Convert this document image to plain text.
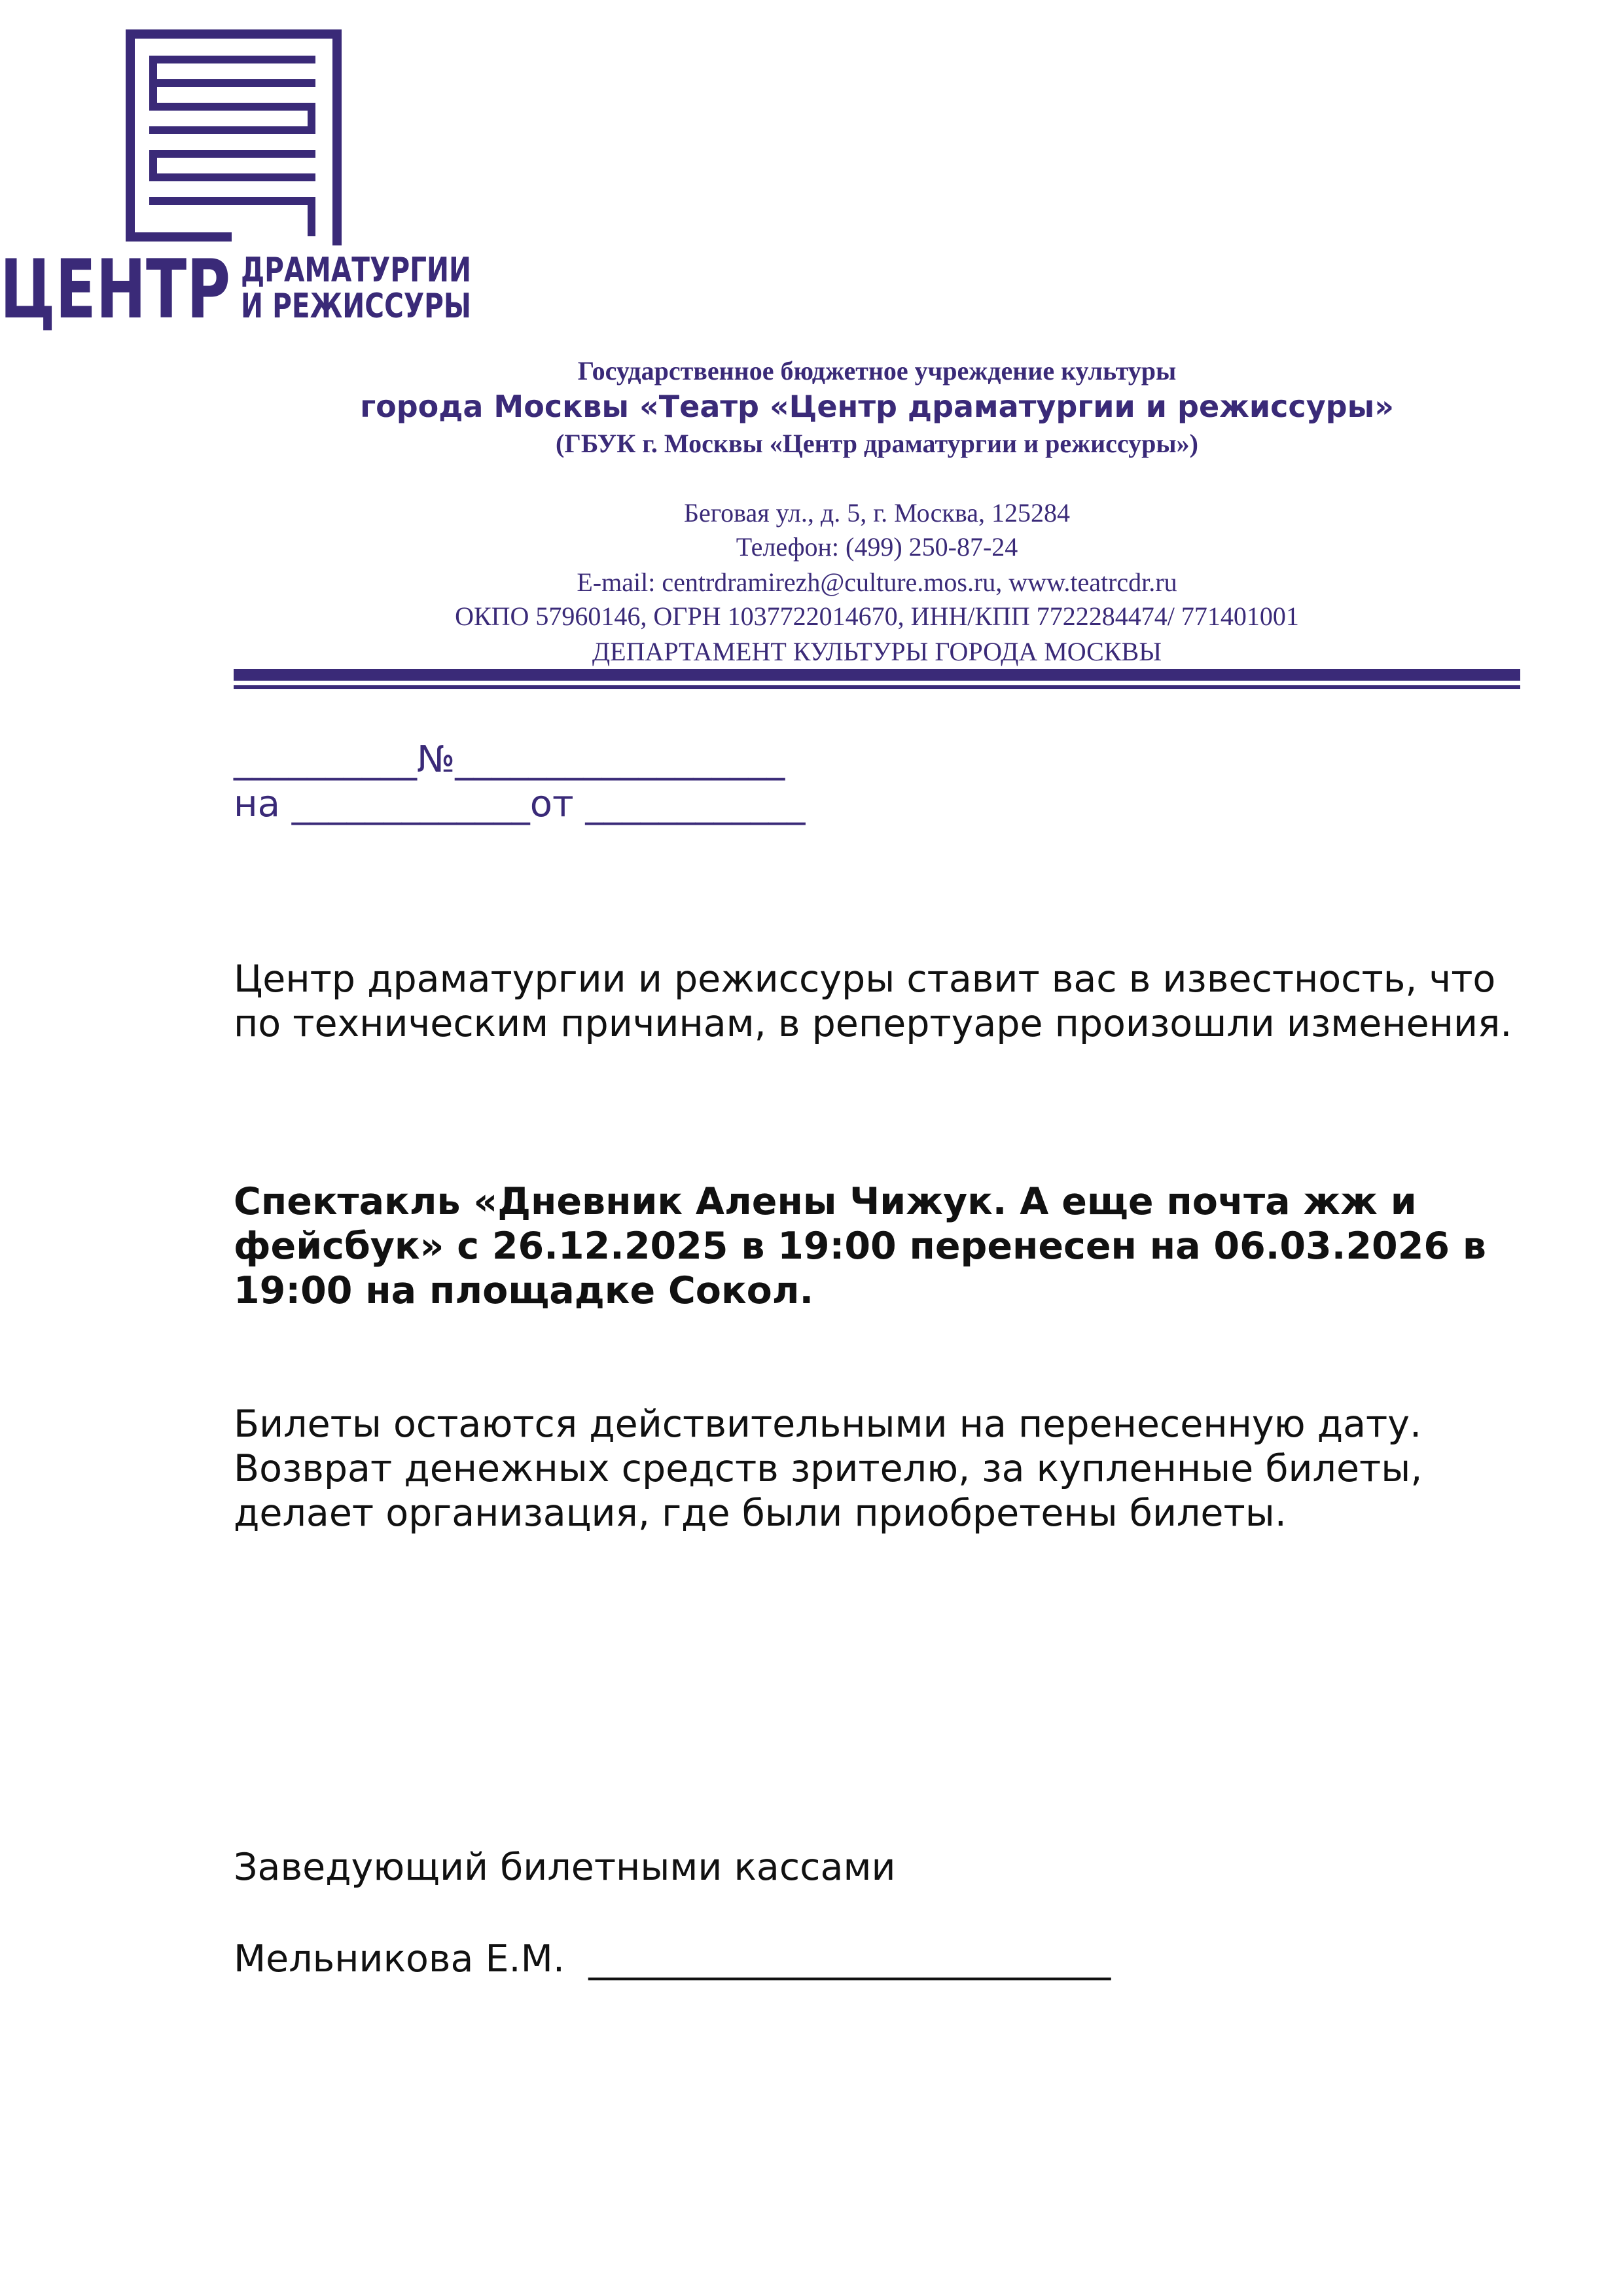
ЦЕНТР ДРАМАТУРГИИ
И РЕЖИССУРЫ
Государственное бюджетное учреждение культуры
города Москвы «Театр «Центр драматургии и режиссуры»
(ГБУК г. Москвы «Центр драматургии и режиссуры»)
Беговая ул., д. 5, г. Москва, 125284
Телефон: (499) 250-87-24
E-mail: centrdramirezh@culture.mos.ru, www.teatrcdr.ru
ОКПО 57960146, ОГРН 1037722014670, ИНН/КПП 7722284474/ 771401001
ДЕПАРТАМЕНТ КУЛЬТУРЫ ГОРОДА МОСКВЫ
__________№__________________
на _____________от ____________

Центр драматургии и режиссуры ставит вас в известность, что по техническим причинам, в репертуаре произошли изменения.

Спектакль «Дневник Алены Чижук. А еще почта жж и фейсбук» с 26.12.2025 в 19:00 перенесен на 06.03.2026 в 19:00 на площадке Сокол.

Билеты остаются действительными на перенесенную дату. Возврат денежных средств зрителю, за купленные билеты, делает организация, где были приобретены билеты.

Заведующий билетными кассами
Мельникова Е.М.  ____________________________
